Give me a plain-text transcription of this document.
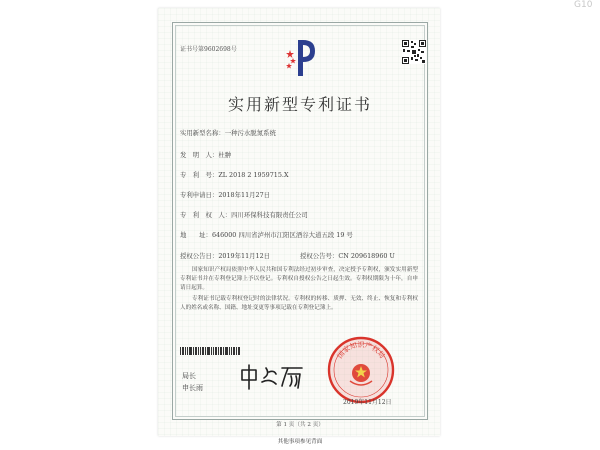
G10
证书号第9602698号
实用新型专利证书
实用新型名称：一种污水脱氮系统
发　明　人：杜翀
专　利　号：ZL 2018 2 1959715.X
专利申请日：2018年11月27日
专　利　权　人：四川环保科技有限责任公司
地　　址：646000 四川省泸州市江阳区酒谷大道五段 19 号
授权公告日：2019年11月12日	授权公告号：CN 209618960 U
国家知识产权局依照中华人民共和国专利法经过初步审查，决定授予专利权，颁发实用新型专利证书并在专利登记簿上予以登记。专利权自授权公告之日起生效。专利权期限为十年，自申请日起算。
专利证书记载专利权登记时的法律状况。专利权的转移、质押、无效、终止、恢复和专利权人的姓名或名称、国籍、地址变更等事项记载在专利登记簿上。
局长
申长雨
国家知识产权局
2019年11月12日
第 1 页（共 2 页）
其他事项参见背面
